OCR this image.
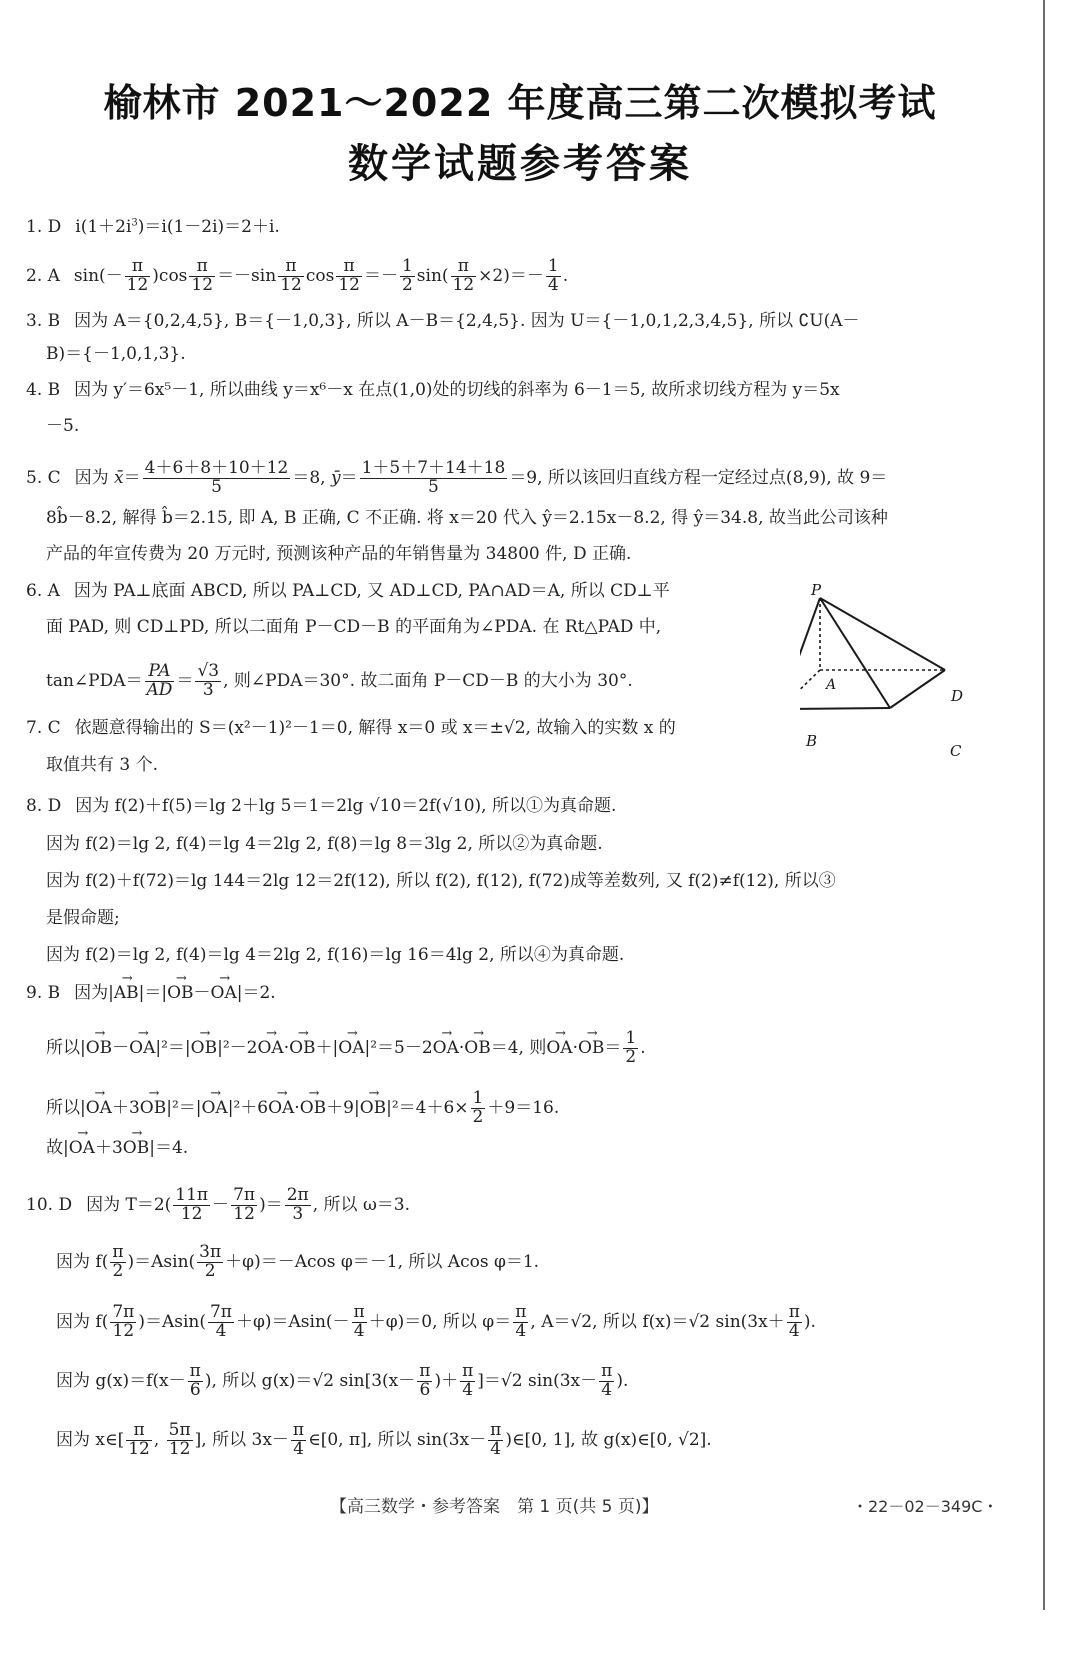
榆林市 2021～2022 年度高三第二次模拟考试
数学试题参考答案
1. D $i(1+2i^3)=i(1-2i)=2+i$.
2. A $\sin(- \frac{\pi}{12} )\cos \frac{\pi}{12} =-\sin \frac{\pi}{12}$ $\cos \frac{\pi}{12} =- \frac{1}{2} \sin( \frac{\pi}{12} \times 2)=- \frac{1}{4}$ .
3. B 因为 A＝{0,2,4,5}, B＝{－1,0,3}, 所以 A－B＝{2,4,5}. 因为 U＝{－1,0,1,2,3,4,5}, 所以 ∁U(A－
B)＝{－1,0,1,3}.
4. B 因为 y′＝6x⁵－1, 所以曲线 y＝x⁶－x 在点(1,0)处的切线的斜率为 6－1＝5, 故所求切线方程为 y＝5x
－5.
5. C 因为 x̄＝ $\frac{4+6+8+10+12}{5} =8$, ȳ＝ $\frac{1+5+7+14+18}{5} =9$, 所以该回归直线方程一定经过点(8,9), 故 9＝
8b̂－8.2, 解得 b̂＝2.15, 即 A, B 正确, C 不正确. 将 x＝20 代入 ŷ＝2.15x－8.2, 得 ŷ＝34.8, 故当此公司该种
产品的年宣传费为 20 万元时, 预测该种产品的年销售量为 34800 件, D 正确.
6. A 因为 PA⊥底面 ABCD, 所以 PA⊥CD, 又 AD⊥CD, PA∩AD＝A, 所以 CD⊥平
面 PAD, 则 CD⊥PD, 所以二面角 P－CD－B 的平面角为∠PDA. 在 Rt△PAD 中,
tan∠PDA＝ $\frac{PA}{AD} = \frac{√3}{3}$ , 则∠PDA＝30°. 故二面角 P－CD－B 的大小为 30°.
P
A
D
B
C
7. C 依题意得输出的 S＝(x²－1)²－1＝0, 解得 x＝0 或 x＝±√2, 故输入的实数 x 的
取值共有 3 个.
8. D 因为 f(2)＋f(5)＝lg 2＋lg 5＝1＝2lg √10＝2f(√10), 所以①为真命题.
因为 f(2)＝lg 2, f(4)＝lg 4＝2lg 2, f(8)＝lg 8＝3lg 2, 所以②为真命题.
因为 f(2)＋f(72)＝lg 144＝2lg 12＝2f(12), 所以 f(2), f(12), f(72)成等差数列, 又 f(2)≠f(12), 所以③
是假命题;
因为 f(2)＝lg 2, f(4)＝lg 4＝2lg 2, f(16)＝lg 16＝4lg 2, 所以④为真命题.
9. B 因为|→ AB|＝|→ OB－→ OA|＝2.
所以|→ OB－→ OA|²＝|→ OB|²－2→ OA·→ OB＋|→ OA|²＝5－2→ OA·→ OB＝4, 则→ $OA\cdot\to OB= \frac{1}{2}$ .
所以|→ $OA+3\to OB|^2=|\to OA|^2+6\to OA\cdot\to OB+9|\to OB|^2=4+6\times \frac{1}{2} +9=16$.
故|→ OA＋3→ OB|＝4.
10. D 因为 $T=2( \frac{11\pi}{12} - \frac{7\pi}{12}$ )＝ $\frac{2\pi}{3}$ , 所以 ω＝3.
因为 $f( \frac{\pi}{2} )=Asin( \frac{3\pi}{2} +\varphi)=-Acos$ φ＝－1, 所以 Acos φ＝1.
因为 $f( \frac{7\pi}{12} )=Asin( \frac{7\pi}{4} +\varphi)=Asin(- \frac{\pi}{4} +\varphi)=0$, 所以 $\varphi= \frac{\pi}{4}$ , A＝√2, 所以 f(x)＝√2 $\sin(3x+ \frac{\pi}{4}$ ).
因为 $g(x)=f(x- \frac{\pi}{6}$ ), 所以 g(x)＝√2 $\sin[3(x- \frac{\pi}{6}$ )＋ $\frac{\pi}{4} ]=√2$ $\sin(3x- \frac{\pi}{4}$ ).
因为 x∈[ $\frac{\pi}{12}$ , $\frac{5\pi}{12}$ ], 所以 $3x- \frac{\pi}{4}$ ∈[0, π], 所以 $\sin(3x- \frac{\pi}{4}$ )∈[0, 1], 故 g(x)∈[0, √2].
【高三数学・参考答案　第 1 页(共 5 页)】	・22－02－349C・
